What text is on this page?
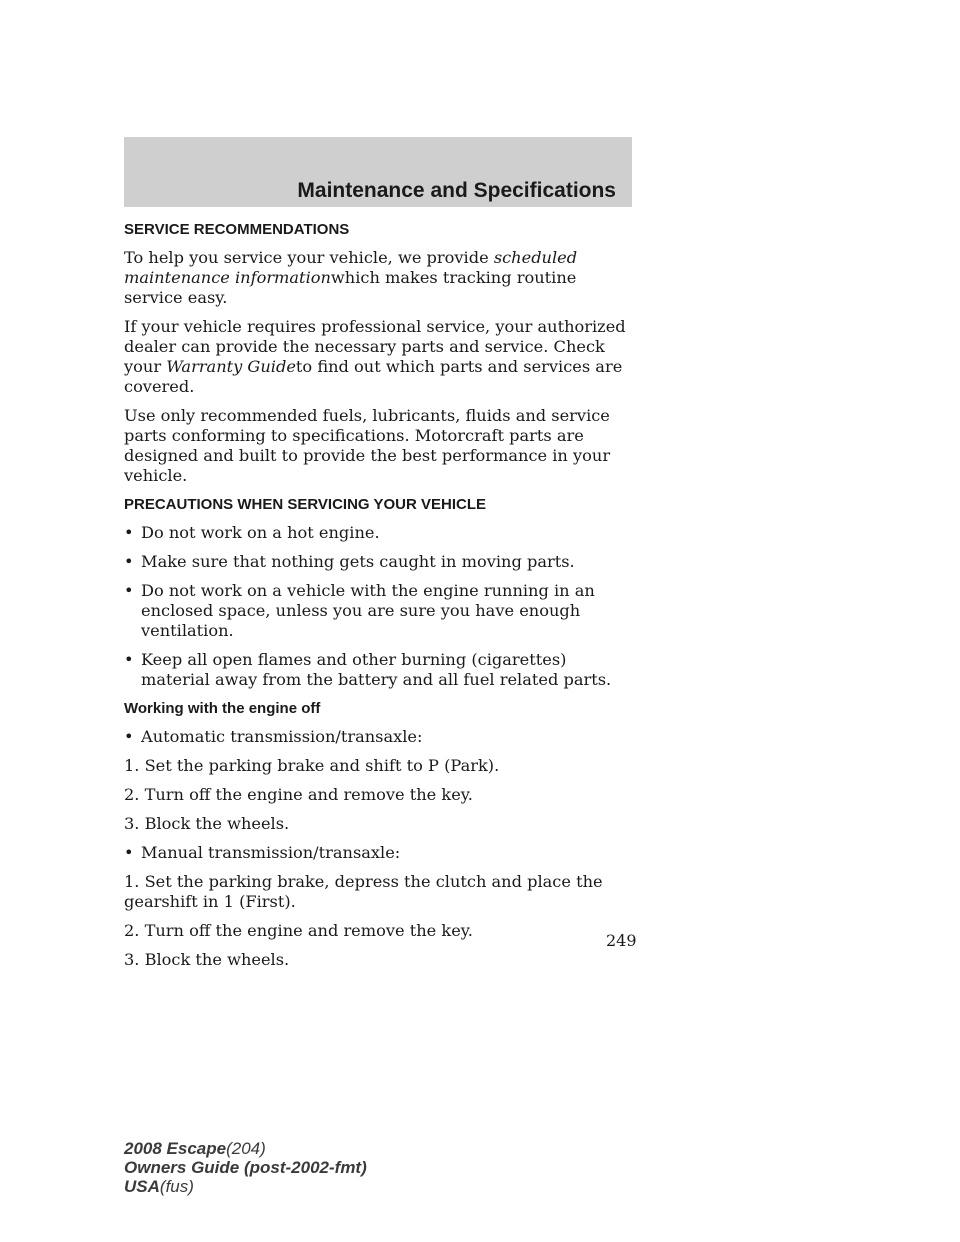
Maintenance and Specifications
SERVICE RECOMMENDATIONS

To help you service your vehicle, we provide scheduled maintenance informationwhich makes tracking routine service easy.

If your vehicle requires professional service, your authorized dealer can provide the necessary parts and service. Check your Warranty Guideto find out which parts and services are covered.

Use only recommended fuels, lubricants, fluids and service parts conforming to specifications. Motorcraft parts are designed and built to provide the best performance in your vehicle.

PRECAUTIONS WHEN SERVICING YOUR VEHICLE
• Do not work on a hot engine.
• Make sure that nothing gets caught in moving parts.
• Do not work on a vehicle with the engine running in an enclosed space, unless you are sure you have enough ventilation.
• Keep all open flames and other burning (cigarettes) material away from the battery and all fuel related parts.
Working with the engine off
• Automatic transmission/transaxle:

1. Set the parking brake and shift to P (Park).

2. Turn off the engine and remove the key.

3. Block the wheels.

• Manual transmission/transaxle:

1. Set the parking brake, depress the clutch and place the gearshift in 1 (First).

2. Turn off the engine and remove the key.

3. Block the wheels.

249
2008 Escape(204)
Owners Guide (post-2002-fmt)
USA(fus)
